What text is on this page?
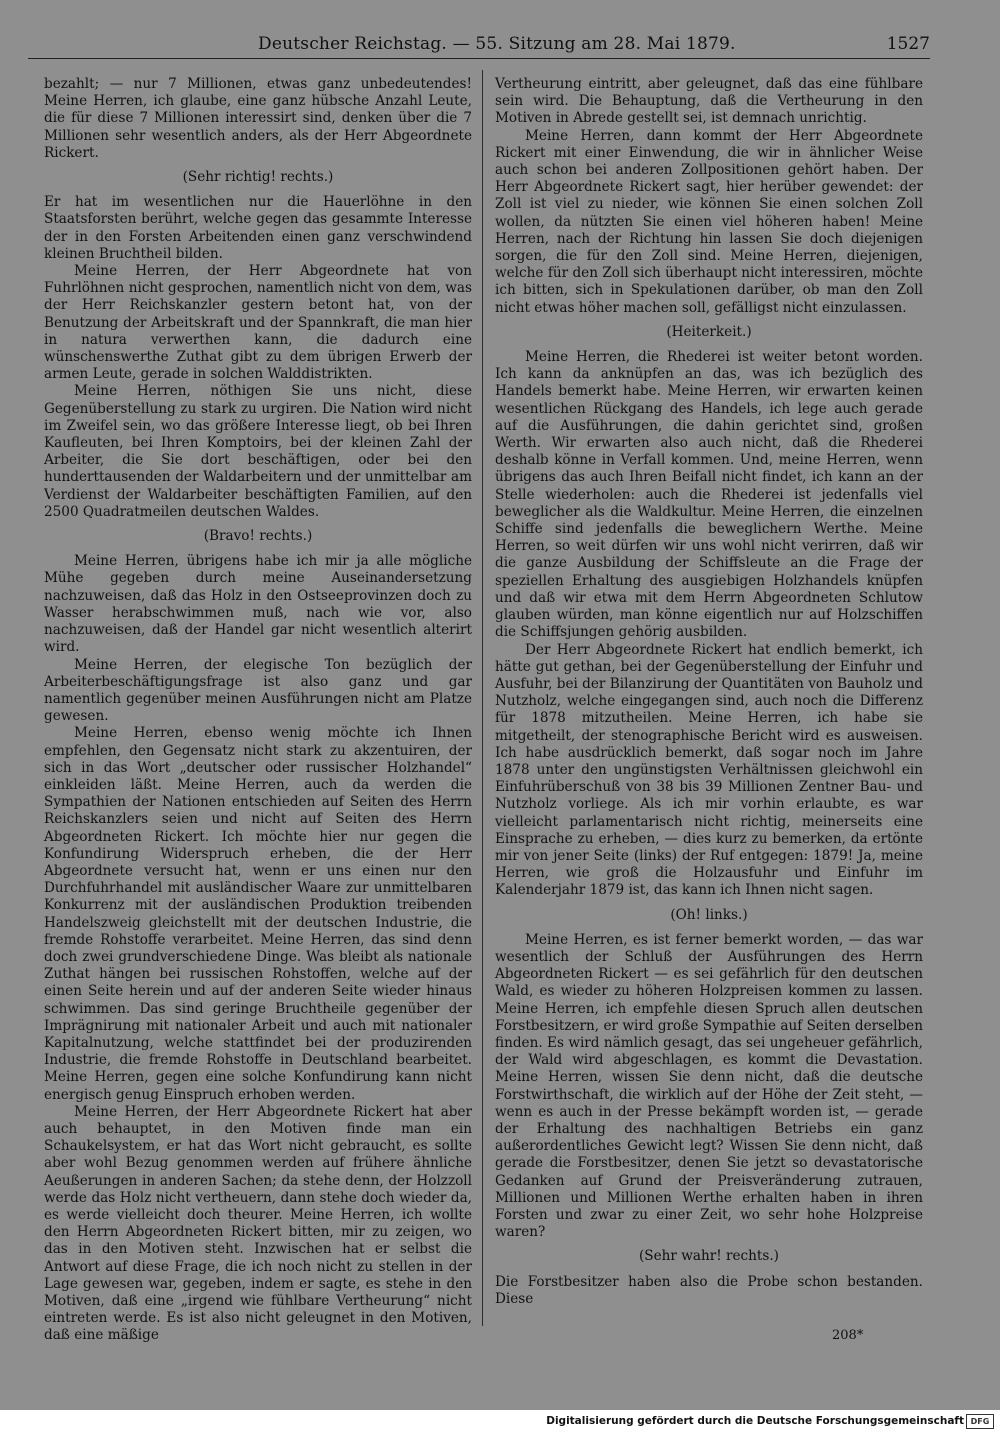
Deutscher Reichstag. — 55. Sitzung am 28. Mai 1879.	1527

bezahlt; — nur 7 Millionen, etwas ganz unbedeutendes! Meine Herren, ich glaube, eine ganz hübsche Anzahl Leute, die für diese 7 Millionen interessirt sind, denken über die 7 Millionen sehr wesentlich anders, als der Herr Abgeordnete Rickert.

(Sehr richtig! rechts.)

Er hat im wesentlichen nur die Hauerlöhne in den Staatsforsten berührt, welche gegen das gesammte Interesse der in den Forsten Arbeitenden einen ganz verschwindend kleinen Bruchtheil bilden.

Meine Herren, der Herr Abgeordnete hat von Fuhrlöhnen nicht gesprochen, namentlich nicht von dem, was der Herr Reichskanzler gestern betont hat, von der Benutzung der Arbeitskraft und der Spannkraft, die man hier in natura verwerthen kann, die dadurch eine wünschenswerthe Zuthat gibt zu dem übrigen Erwerb der armen Leute, gerade in solchen Walddistrikten.

Meine Herren, nöthigen Sie uns nicht, diese Gegenüberstellung zu stark zu urgiren. Die Nation wird nicht im Zweifel sein, wo das größere Interesse liegt, ob bei Ihren Kaufleuten, bei Ihren Komptoirs, bei der kleinen Zahl der Arbeiter, die Sie dort beschäftigen, oder bei den hunderttausenden der Waldarbeitern und der unmittelbar am Verdienst der Waldarbeiter beschäftigten Familien, auf den 2500 Quadratmeilen deutschen Waldes.

(Bravo! rechts.)

Meine Herren, übrigens habe ich mir ja alle mögliche Mühe gegeben durch meine Auseinandersetzung nachzuweisen, daß das Holz in den Ostseeprovinzen doch zu Wasser herabschwimmen muß, nach wie vor, also nachzuweisen, daß der Handel gar nicht wesentlich alterirt wird.

Meine Herren, der elegische Ton bezüglich der Arbeiterbeschäftigungsfrage ist also ganz und gar namentlich gegenüber meinen Ausführungen nicht am Platze gewesen.

Meine Herren, ebenso wenig möchte ich Ihnen empfehlen, den Gegensatz nicht stark zu akzentuiren, der sich in das Wort „deutscher oder russischer Holzhandel“ einkleiden läßt. Meine Herren, auch da werden die Sympathien der Nationen entschieden auf Seiten des Herrn Reichskanzlers seien und nicht auf Seiten des Herrn Abgeordneten Rickert. Ich möchte hier nur gegen die Konfundirung Widerspruch erheben, die der Herr Abgeordnete versucht hat, wenn er uns einen nur den Durchfuhrhandel mit ausländischer Waare zur unmittelbaren Konkurrenz mit der ausländischen Produktion treibenden Handelszweig gleichstellt mit der deutschen Industrie, die fremde Rohstoffe verarbeitet. Meine Herren, das sind denn doch zwei grundverschiedene Dinge. Was bleibt als nationale Zuthat hängen bei russischen Rohstoffen, welche auf der einen Seite herein und auf der anderen Seite wieder hinaus schwimmen. Das sind geringe Bruchtheile gegenüber der Imprägnirung mit nationaler Arbeit und auch mit nationaler Kapitalnutzung, welche stattfindet bei der produzirenden Industrie, die fremde Rohstoffe in Deutschland bearbeitet. Meine Herren, gegen eine solche Konfundirung kann nicht energisch genug Einspruch erhoben werden.

Meine Herren, der Herr Abgeordnete Rickert hat aber auch behauptet, in den Motiven finde man ein Schaukelsystem, er hat das Wort nicht gebraucht, es sollte aber wohl Bezug genommen werden auf frühere ähnliche Aeußerungen in anderen Sachen; da stehe denn, der Holzzoll werde das Holz nicht vertheuern, dann stehe doch wieder da, es werde vielleicht doch theurer. Meine Herren, ich wollte den Herrn Abgeordneten Rickert bitten, mir zu zeigen, wo das in den Motiven steht. Inzwischen hat er selbst die Antwort auf diese Frage, die ich noch nicht zu stellen in der Lage gewesen war, gegeben, indem er sagte, es stehe in den Motiven, daß eine „irgend wie fühlbare Vertheurung“ nicht eintreten werde. Es ist also nicht geleugnet in den Motiven, daß eine mäßige

Vertheurung eintritt, aber geleugnet, daß das eine fühlbare sein wird. Die Behauptung, daß die Vertheurung in den Motiven in Abrede gestellt sei, ist demnach unrichtig.

Meine Herren, dann kommt der Herr Abgeordnete Rickert mit einer Einwendung, die wir in ähnlicher Weise auch schon bei anderen Zollpositionen gehört haben. Der Herr Abgeordnete Rickert sagt, hier herüber gewendet: der Zoll ist viel zu nieder, wie können Sie einen solchen Zoll wollen, da nützten Sie einen viel höheren haben! Meine Herren, nach der Richtung hin lassen Sie doch diejenigen sorgen, die für den Zoll sind. Meine Herren, diejenigen, welche für den Zoll sich überhaupt nicht interessiren, möchte ich bitten, sich in Spekulationen darüber, ob man den Zoll nicht etwas höher machen soll, gefälligst nicht einzulassen.

(Heiterkeit.)

Meine Herren, die Rhederei ist weiter betont worden. Ich kann da anknüpfen an das, was ich bezüglich des Handels bemerkt habe. Meine Herren, wir erwarten keinen wesentlichen Rückgang des Handels, ich lege auch gerade auf die Ausführungen, die dahin gerichtet sind, großen Werth. Wir erwarten also auch nicht, daß die Rhederei deshalb könne in Verfall kommen. Und, meine Herren, wenn übrigens das auch Ihren Beifall nicht findet, ich kann an der Stelle wiederholen: auch die Rhederei ist jedenfalls viel beweglicher als die Waldkultur. Meine Herren, die einzelnen Schiffe sind jedenfalls die beweglichern Werthe. Meine Herren, so weit dürfen wir uns wohl nicht verirren, daß wir die ganze Ausbildung der Schiffsleute an die Frage der speziellen Erhaltung des ausgiebigen Holzhandels knüpfen und daß wir etwa mit dem Herrn Abgeordneten Schlutow glauben würden, man könne eigentlich nur auf Holzschiffen die Schiffsjungen gehörig ausbilden.

Der Herr Abgeordnete Rickert hat endlich bemerkt, ich hätte gut gethan, bei der Gegenüberstellung der Einfuhr und Ausfuhr, bei der Bilanzirung der Quantitäten von Bauholz und Nutzholz, welche eingegangen sind, auch noch die Differenz für 1878 mitzutheilen. Meine Herren, ich habe sie mitgetheilt, der stenographische Bericht wird es ausweisen. Ich habe ausdrücklich bemerkt, daß sogar noch im Jahre 1878 unter den ungünstigsten Verhältnissen gleichwohl ein Einfuhrüberschuß von 38 bis 39 Millionen Zentner Bau- und Nutzholz vorliege. Als ich mir vorhin erlaubte, es war vielleicht parlamentarisch nicht richtig, meinerseits eine Einsprache zu erheben, — dies kurz zu bemerken, da ertönte mir von jener Seite (links) der Ruf entgegen: 1879! Ja, meine Herren, wie groß die Holzausfuhr und Einfuhr im Kalenderjahr 1879 ist, das kann ich Ihnen nicht sagen.

(Oh! links.)

Meine Herren, es ist ferner bemerkt worden, — das war wesentlich der Schluß der Ausführungen des Herrn Abgeordneten Rickert — es sei gefährlich für den deutschen Wald, es wieder zu höheren Holzpreisen kommen zu lassen. Meine Herren, ich empfehle diesen Spruch allen deutschen Forstbesitzern, er wird große Sympathie auf Seiten derselben finden. Es wird nämlich gesagt, das sei ungeheuer gefährlich, der Wald wird abgeschlagen, es kommt die Devastation. Meine Herren, wissen Sie denn nicht, daß die deutsche Forstwirthschaft, die wirklich auf der Höhe der Zeit steht, — wenn es auch in der Presse bekämpft worden ist, — gerade der Erhaltung des nachhaltigen Betriebs ein ganz außerordentliches Gewicht legt? Wissen Sie denn nicht, daß gerade die Forstbesitzer, denen Sie jetzt so devastatorische Gedanken auf Grund der Preisveränderung zutrauen, Millionen und Millionen Werthe erhalten haben in ihren Forsten und zwar zu einer Zeit, wo sehr hohe Holzpreise waren?

(Sehr wahr! rechts.)

Die Forstbesitzer haben also die Probe schon bestanden. Diese

208*
Digitalisierung gefördert durch die Deutsche Forschungsgemeinschaft DFG
